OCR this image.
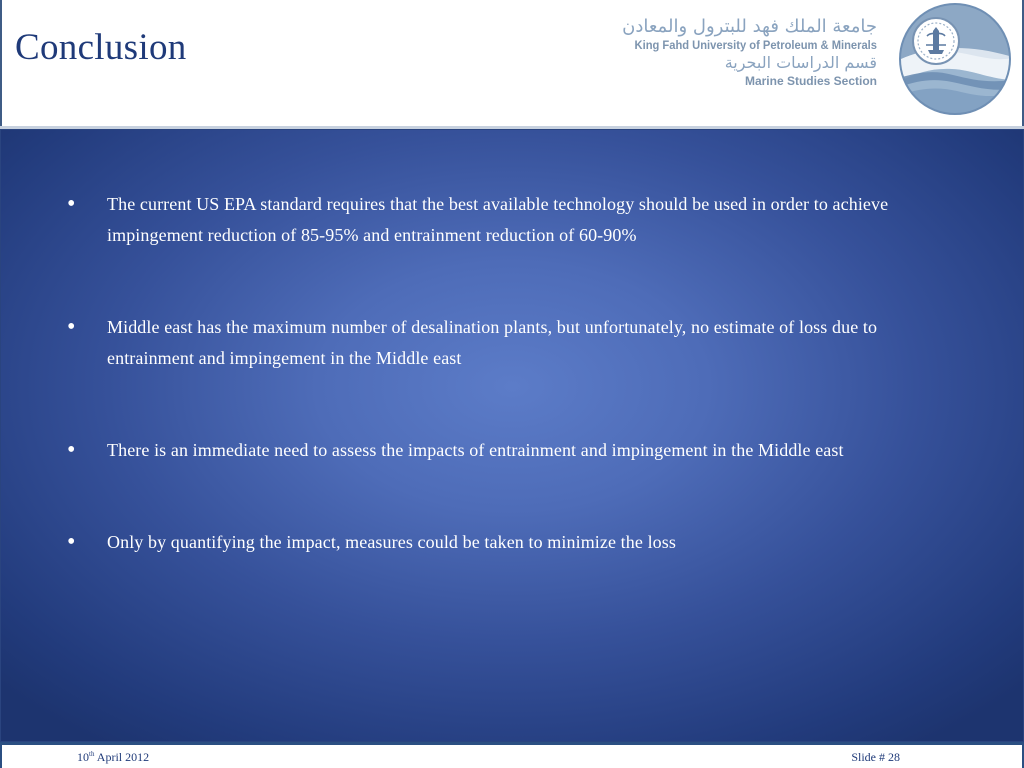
Conclusion
جامعة الملك فهد للبترول والمعادن
King Fahd University of Petroleum & Minerals
قسم الدراسات البحرية
Marine Studies Section
• The current US EPA standard requires that the best available technology should be used in order to achieve impingement reduction of 85-95% and entrainment reduction of 60-90%
• Middle east has the maximum number of desalination plants, but unfortunately, no estimate of loss due to entrainment and impingement in the Middle east
• There is an immediate need to assess the impacts of entrainment and impingement in the Middle east
• Only by quantifying the impact, measures could be taken to minimize the loss
10th April 2012	Slide # 28
